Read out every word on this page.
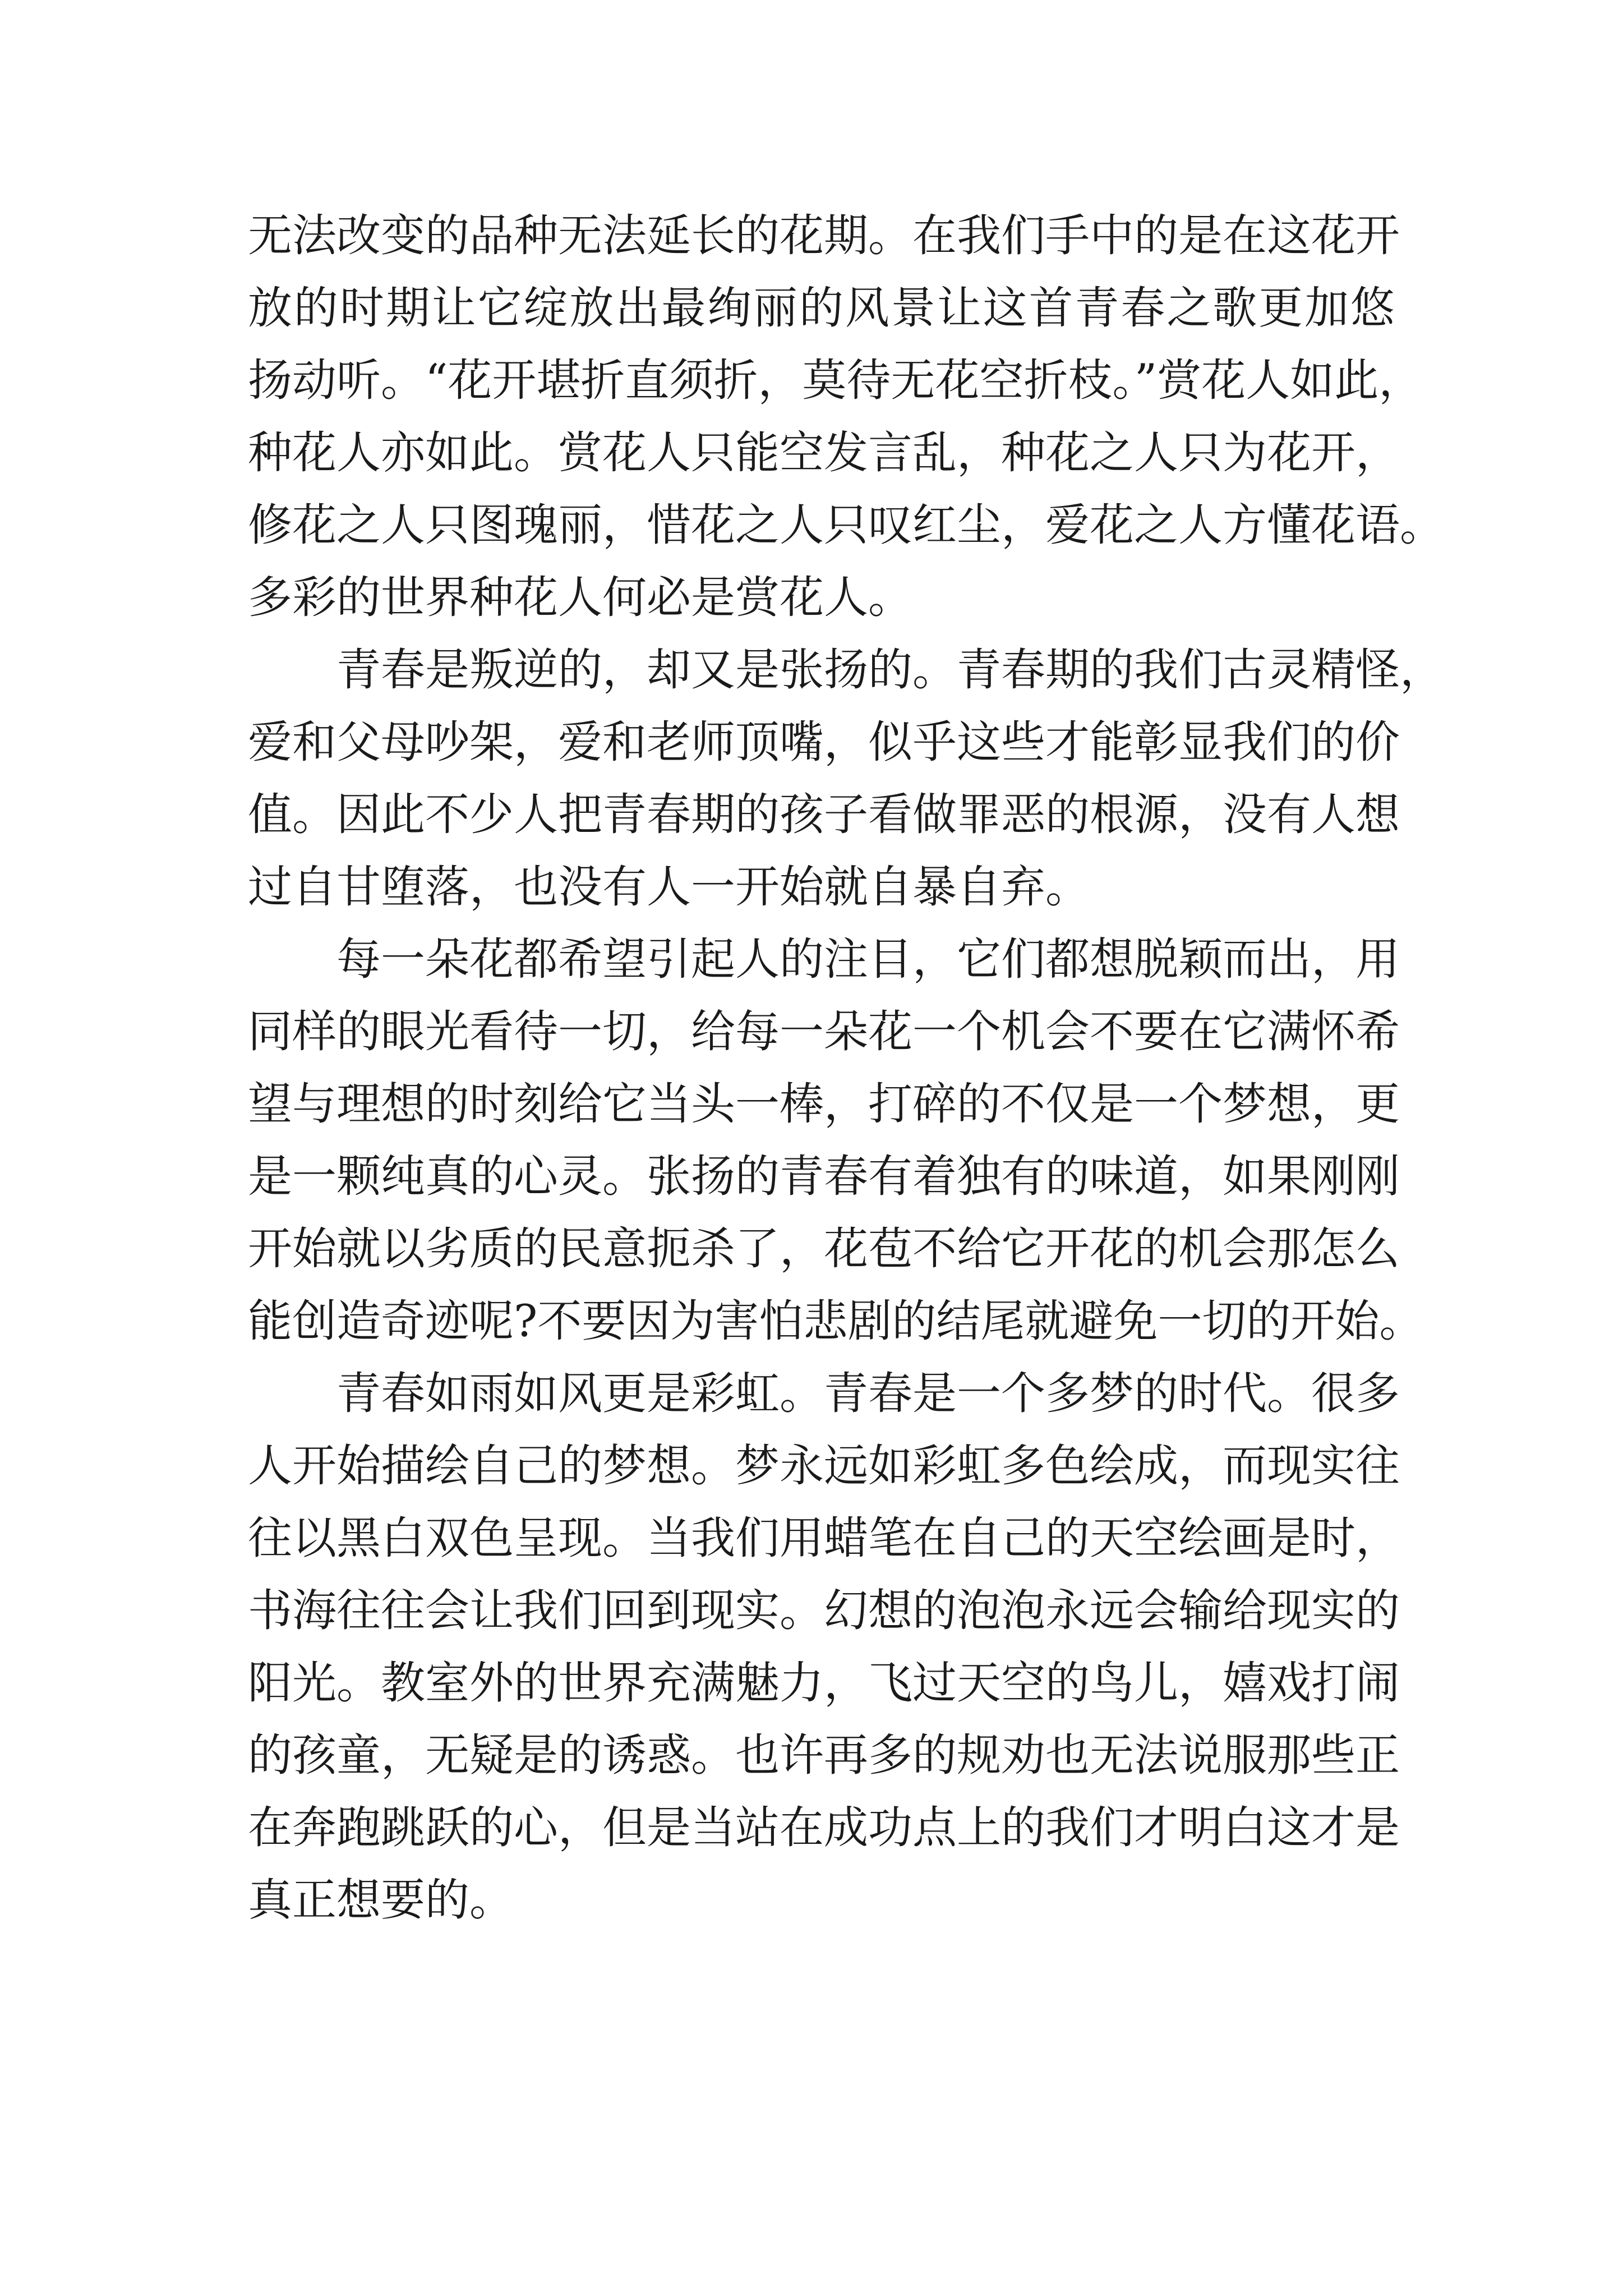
无法改变的品种无法延长的花期。在我们手中的是在这花开
放的时期让它绽放出最绚丽的风景让这首青春之歌更加悠
扬动听。“花开堪折直须折，莫待无花空折枝。”赏花人如此，
种花人亦如此。赏花人只能空发言乱，种花之人只为花开，
修花之人只图瑰丽，惜花之人只叹红尘，爱花之人方懂花语。
多彩的世界种花人何必是赏花人。
　　青春是叛逆的，却又是张扬的。青春期的我们古灵精怪，
爱和父母吵架，爱和老师顶嘴，似乎这些才能彰显我们的价
值。因此不少人把青春期的孩子看做罪恶的根源，没有人想
过自甘堕落，也没有人一开始就自暴自弃。
　　每一朵花都希望引起人的注目，它们都想脱颖而出，用
同样的眼光看待一切，给每一朵花一个机会不要在它满怀希
望与理想的时刻给它当头一棒，打碎的不仅是一个梦想，更
是一颗纯真的心灵。张扬的青春有着独有的味道，如果刚刚
开始就以劣质的民意扼杀了，花苞不给它开花的机会那怎么
能创造奇迹呢?不要因为害怕悲剧的结尾就避免一切的开始。
　　青春如雨如风更是彩虹。青春是一个多梦的时代。很多
人开始描绘自己的梦想。梦永远如彩虹多色绘成，而现实往
往以黑白双色呈现。当我们用蜡笔在自己的天空绘画是时，
书海往往会让我们回到现实。幻想的泡泡永远会输给现实的
阳光。教室外的世界充满魅力，飞过天空的鸟儿，嬉戏打闹
的孩童，无疑是的诱惑。也许再多的规劝也无法说服那些正
在奔跑跳跃的心，但是当站在成功点上的我们才明白这才是
真正想要的。
